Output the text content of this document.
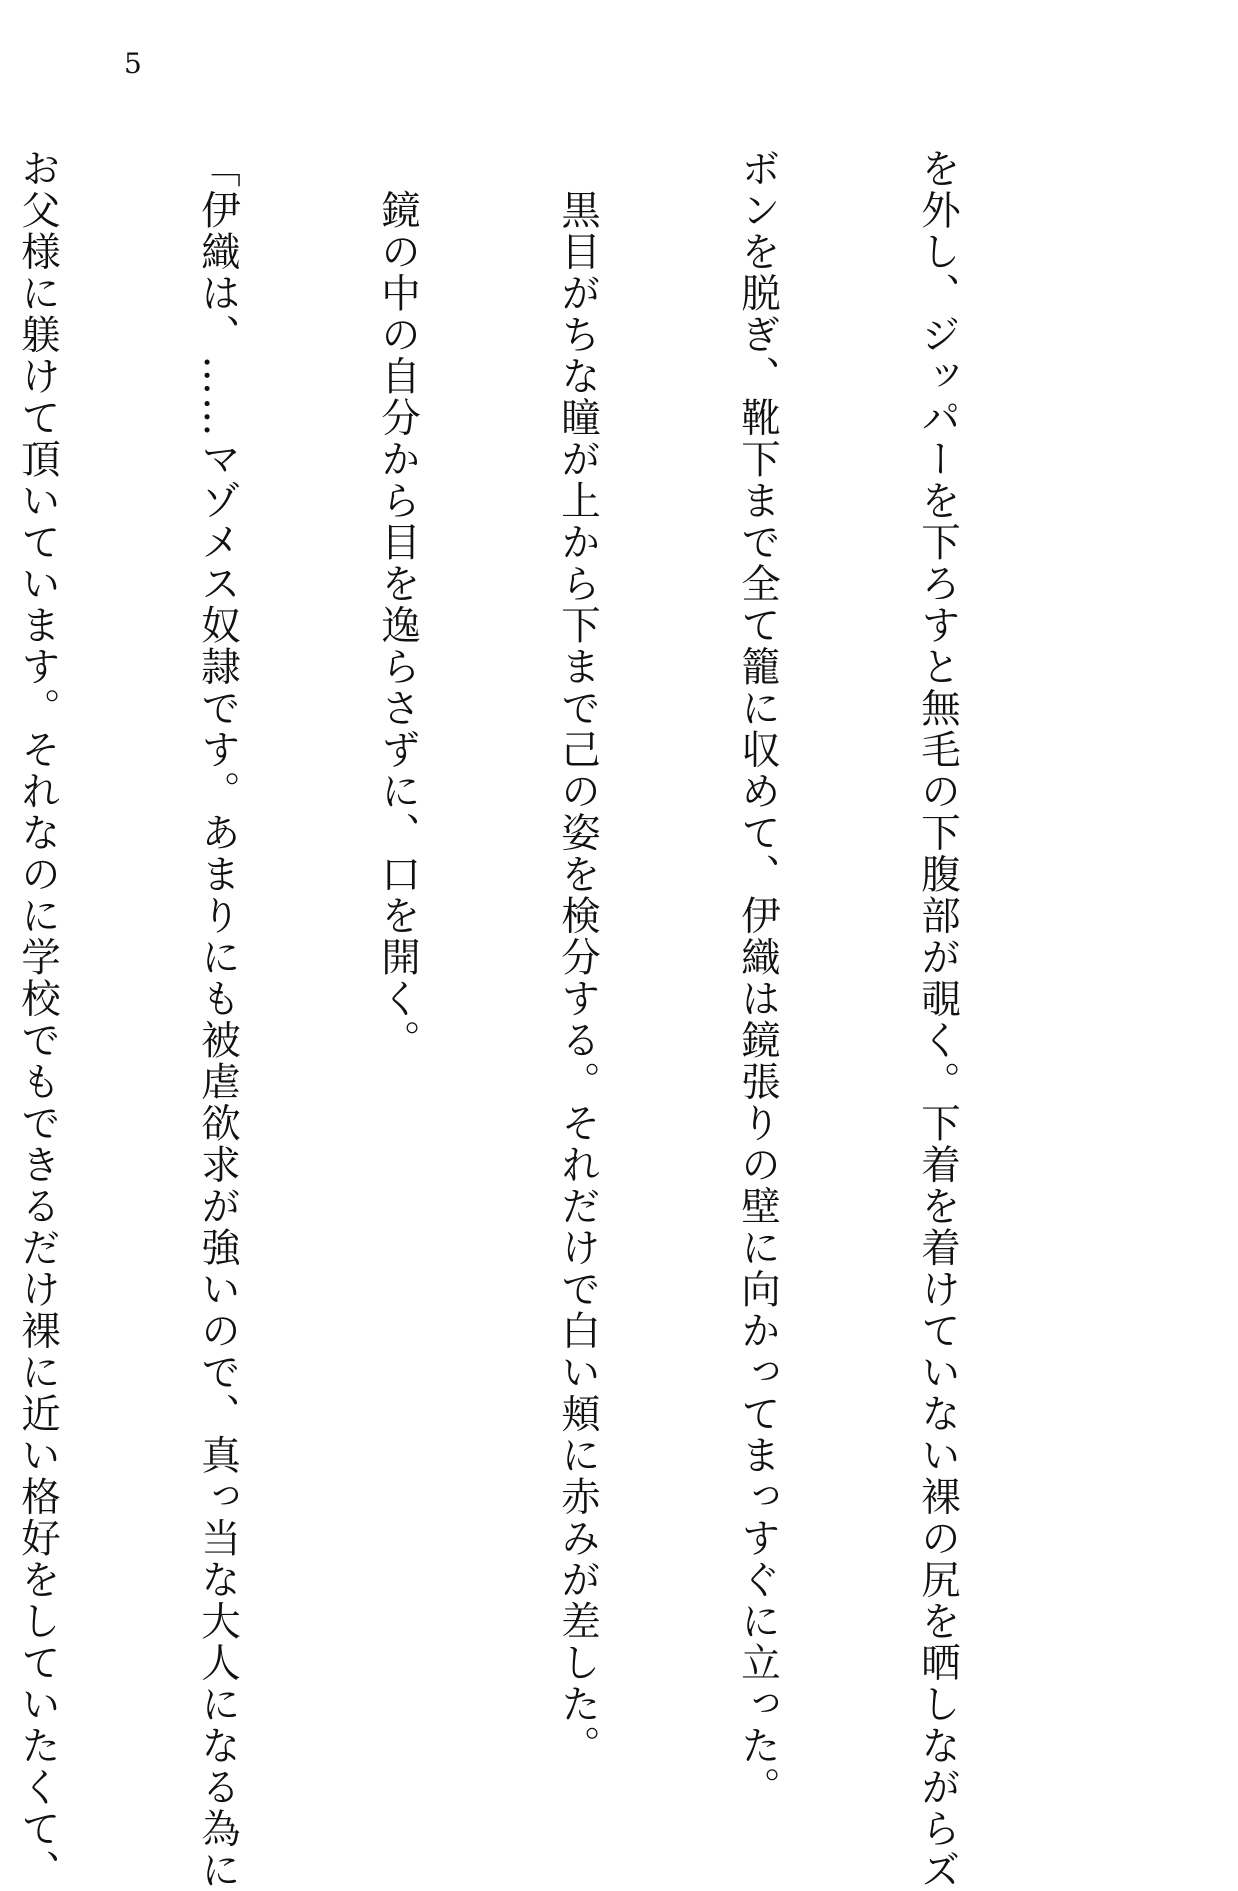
5

を外し、ジッパーを下ろすと無毛の下腹部が覗く。下着を着けていない裸の尻を晒しながらズ

ボンを脱ぎ、靴下まで全て籠に収めて、伊織は鏡張りの壁に向かってまっすぐに立った。

　黒目がちな瞳が上から下まで己の姿を検分する。それだけで白い頬に赤みが差した。

　鏡の中の自分から目を逸らさずに、口を開く。

「伊織は、……マゾメス奴隷です。あまりにも被虐欲求が強いので、真っ当な大人になる為に

お父様に躾けて頂いています。それなのに学校でもできるだけ裸に近い格好をしていたくて、
